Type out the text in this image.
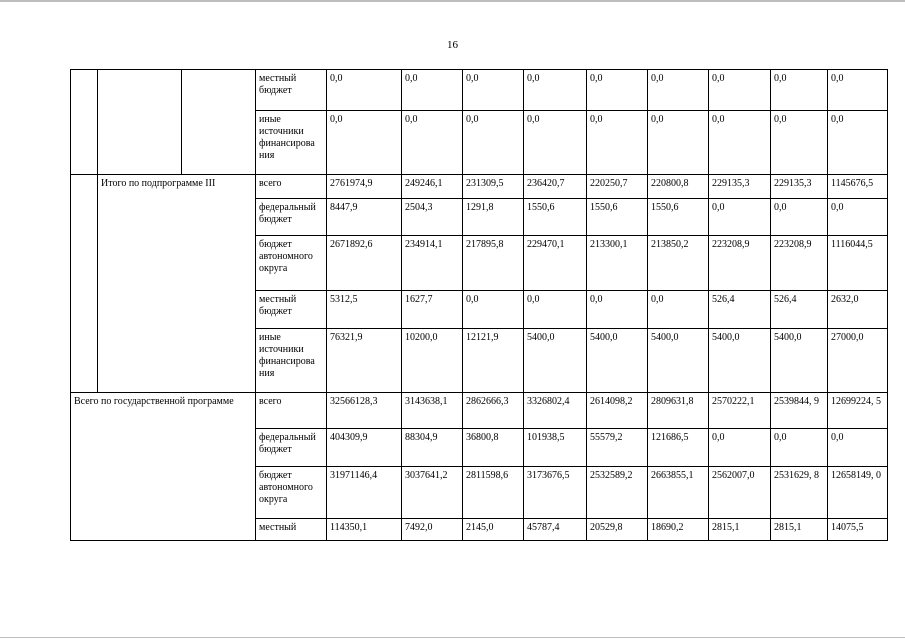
16
			местный бюджет	0,0	0,0	0,0	0,0	0,0	0,0	0,0	0,0	0,0
			иные источники финансирова ния	0,0	0,0	0,0	0,0	0,0	0,0	0,0	0,0	0,0
	Итого по подпрограмме III		всего	2761974,9	249246,1	231309,5	236420,7	220250,7	220800,8	229135,3	229135,3	1145676,5
			федеральный бюджет	8447,9	2504,3	1291,8	1550,6	1550,6	1550,6	0,0	0,0	0,0
			бюджет автономного округа	2671892,6	234914,1	217895,8	229470,1	213300,1	213850,2	223208,9	223208,9	1116044,5
			местный бюджет	5312,5	1627,7	0,0	0,0	0,0	0,0	526,4	526,4	2632,0
			иные источники финансирова ния	76321,9	10200,0	12121,9	5400,0	5400,0	5400,0	5400,0	5400,0	27000,0
Всего по государственной программе			всего	32566128,3	3143638,1	2862666,3	3326802,4	2614098,2	2809631,8	2570222,1	2539844, 9	12699224, 5
			федеральный бюджет	404309,9	88304,9	36800,8	101938,5	55579,2	121686,5	0,0	0,0	0,0
			бюджет автономного округа	31971146,4	3037641,2	2811598,6	3173676,5	2532589,2	2663855,1	2562007,0	2531629, 8	12658149, 0
			местный	114350,1	7492,0	2145,0	45787,4	20529,8	18690,2	2815,1	2815,1	14075,5
